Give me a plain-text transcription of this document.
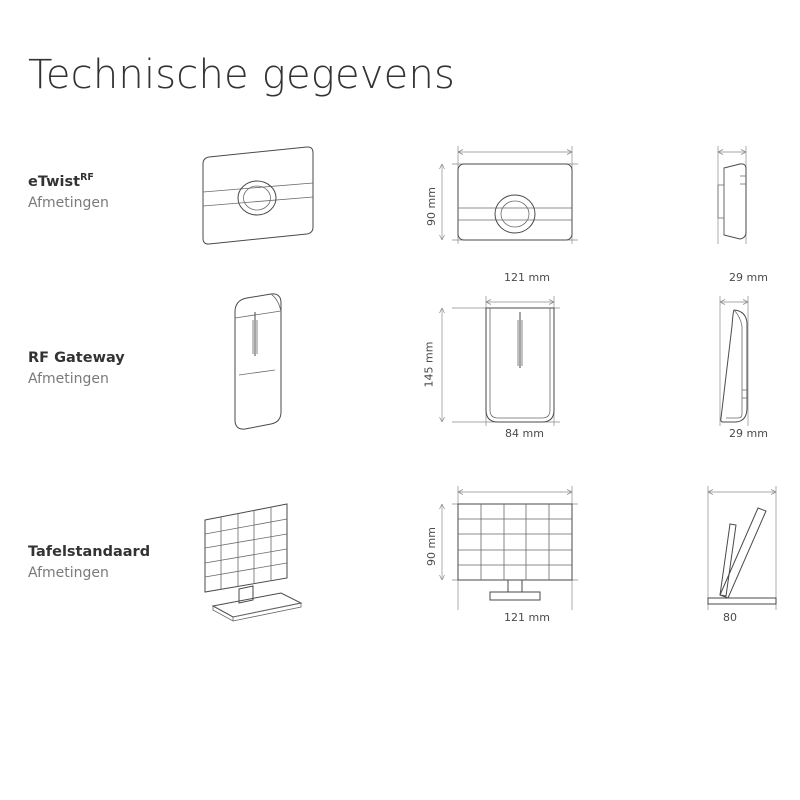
Technische gegevens
eTwist$^{RF}$
Afmetingen
121 mm
90 mm
29 mm
RF Gateway
Afmetingen
84 mm
145 mm
29 mm
Tafelstandaard
Afmetingen
121 mm
90 mm
80
